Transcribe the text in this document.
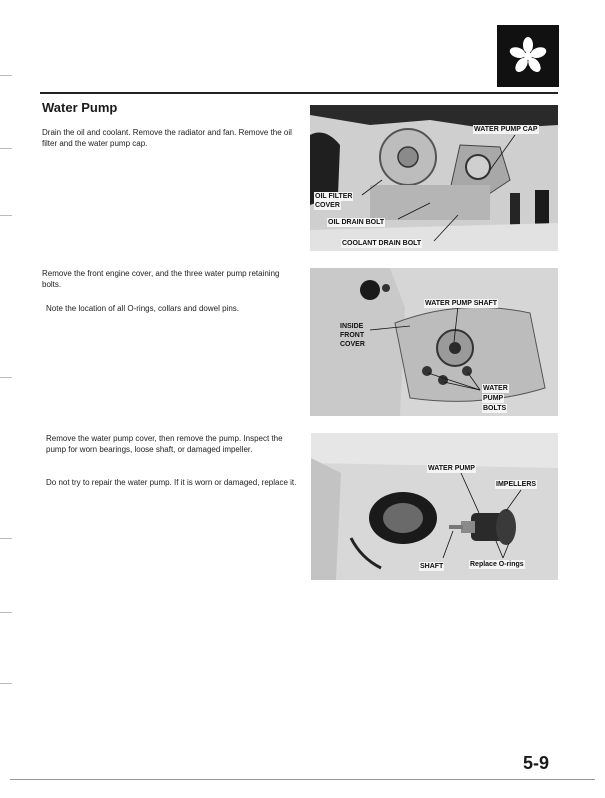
Water Pump
Drain the oil and coolant. Remove the radiator and fan. Remove the oil filter and the water pump cap.
Remove the front engine cover, and the three water pump retaining bolts.
Note the location of all O-rings, collars and dowel pins.
Remove the water pump cover, then remove the pump. Inspect the pump for worn bearings, loose shaft, or damaged impeller.
Do not try to repair the water pump. If it is worn or damaged, replace it.
WATER PUMP CAP
OIL FILTER
COVER
OIL DRAIN BOLT
COOLANT DRAIN BOLT
WATER PUMP SHAFT
INSIDE
FRONT
COVER
WATER
PUMP
BOLTS
WATER PUMP
IMPELLERS
SHAFT	Replace O-rings
5-9
